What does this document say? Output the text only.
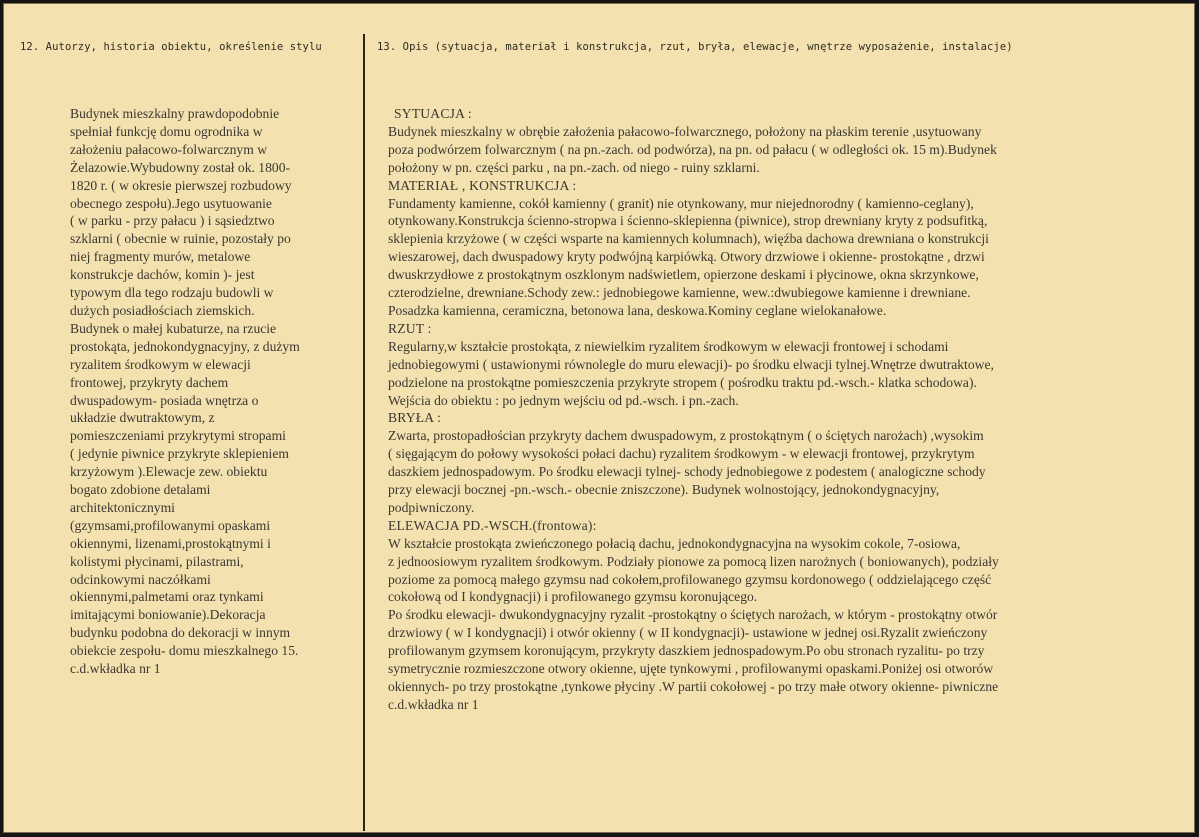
12. Autorzy, historia obiektu, określenie stylu	13. Opis (sytuacja, materiał i konstrukcja, rzut, bryła, elewacje, wnętrze wyposażenie, instalacje)
Budynek mieszkalny prawdopodobnie
spełniał funkcję domu ogrodnika w
założeniu pałacowo-folwarcznym w
Żelazowie.Wybudowny został ok. 1800-
1820 r. ( w okresie pierwszej rozbudowy
obecnego zespołu).Jego usytuowanie
( w parku - przy pałacu ) i sąsiedztwo
szklarni ( obecnie w ruinie, pozostały po
niej fragmenty murów, metalowe
konstrukcje dachów, komin )- jest
typowym dla tego rodzaju budowli w
dużych posiadłościach ziemskich.
Budynek o małej kubaturze, na rzucie
prostokąta, jednokondygnacyjny, z dużym
ryzalitem środkowym w elewacji
frontowej, przykryty dachem
dwuspadowym- posiada wnętrza o
układzie dwutraktowym, z
pomieszczeniami przykrytymi stropami
( jedynie piwnice przykryte sklepieniem
krzyżowym ).Elewacje zew. obiektu
bogato zdobione detalami
architektonicznymi
(gzymsami,profilowanymi opaskami
okiennymi, lizenami,prostokątnymi i
kolistymi płycinami, pilastrami,
odcinkowymi naczółkami
okiennymi,palmetami oraz tynkami
imitającymi boniowanie).Dekoracja
budynku podobna do dekoracji w innym
obiekcie zespołu- domu mieszkalnego 15.
c.d.wkładka nr 1
SYTUACJA :
Budynek mieszkalny w obrębie założenia pałacowo-folwarcznego, położony na płaskim terenie ,usytuowany
poza podwórzem folwarcznym ( na pn.-zach. od podwórza), na pn. od pałacu ( w odległości ok. 15 m).Budynek
położony w pn. części parku , na pn.-zach. od niego - ruiny szklarni.
MATERIAŁ , KONSTRUKCJA :
Fundamenty kamienne, cokół kamienny ( granit) nie otynkowany, mur niejednorodny ( kamienno-ceglany),
otynkowany.Konstrukcja ścienno-stropwa i ścienno-sklepienna (piwnice), strop drewniany kryty z podsufitką,
sklepienia krzyżowe ( w części wsparte na kamiennych kolumnach), więźba dachowa drewniana o konstrukcji
wieszarowej, dach dwuspadowy kryty podwójną karpiówką. Otwory drzwiowe i okienne- prostokątne , drzwi
dwuskrzydłowe z prostokątnym oszklonym nadświetlem, opierzone deskami i płycinowe, okna skrzynkowe,
czterodzielne, drewniane.Schody zew.: jednobiegowe kamienne, wew.:dwubiegowe kamienne i drewniane.
Posadzka kamienna, ceramiczna, betonowa lana, deskowa.Kominy ceglane wielokanałowe.
RZUT :
Regularny,w kształcie prostokąta, z niewielkim ryzalitem środkowym w elewacji frontowej i schodami
jednobiegowymi ( ustawionymi równolegle do muru elewacji)- po środku elwacji tylnej.Wnętrze dwutraktowe,
podzielone na prostokątne pomieszczenia przykryte stropem ( pośrodku traktu pd.-wsch.- klatka schodowa).
Wejścia do obiektu : po jednym wejściu od pd.-wsch. i pn.-zach.
BRYŁA :
Zwarta, prostopadłościan przykryty dachem dwuspadowym, z prostokątnym ( o ściętych narożach) ,wysokim
( sięgającym do połowy wysokości połaci dachu) ryzalitem środkowym - w elewacji frontowej, przykrytym
daszkiem jednospadowym. Po środku elewacji tylnej- schody jednobiegowe z podestem ( analogiczne schody
przy elewacji bocznej -pn.-wsch.- obecnie zniszczone). Budynek wolnostojący, jednokondygnacyjny,
podpiwniczony.
ELEWACJA PD.-WSCH.(frontowa):
W kształcie prostokąta zwieńczonego połacią dachu, jednokondygnacyjna na wysokim cokole, 7-osiowa,
z jednoosiowym ryzalitem środkowym. Podziały pionowe za pomocą lizen narożnych ( boniowanych), podziały
poziome za pomocą małego gzymsu nad cokołem,profilowanego gzymsu kordonowego ( oddzielającego część
cokołową od I kondygnacji) i profilowanego gzymsu koronującego.
Po środku elewacji- dwukondygnacyjny ryzalit -prostokątny o ściętych narożach, w którym - prostokątny otwór
drzwiowy ( w I kondygnacji) i otwór okienny ( w II kondygnacji)- ustawione w jednej osi.Ryzalit zwieńczony
profilowanym gzymsem koronującym, przykryty daszkiem jednospadowym.Po obu stronach ryzalitu- po trzy
symetrycznie rozmieszczone otwory okienne, ujęte tynkowymi , profilowanymi opaskami.Poniżej osi otworów
okiennych- po trzy prostokątne ,tynkowe płyciny .W partii cokołowej - po trzy małe otwory okienne- piwniczne
c.d.wkładka nr 1
